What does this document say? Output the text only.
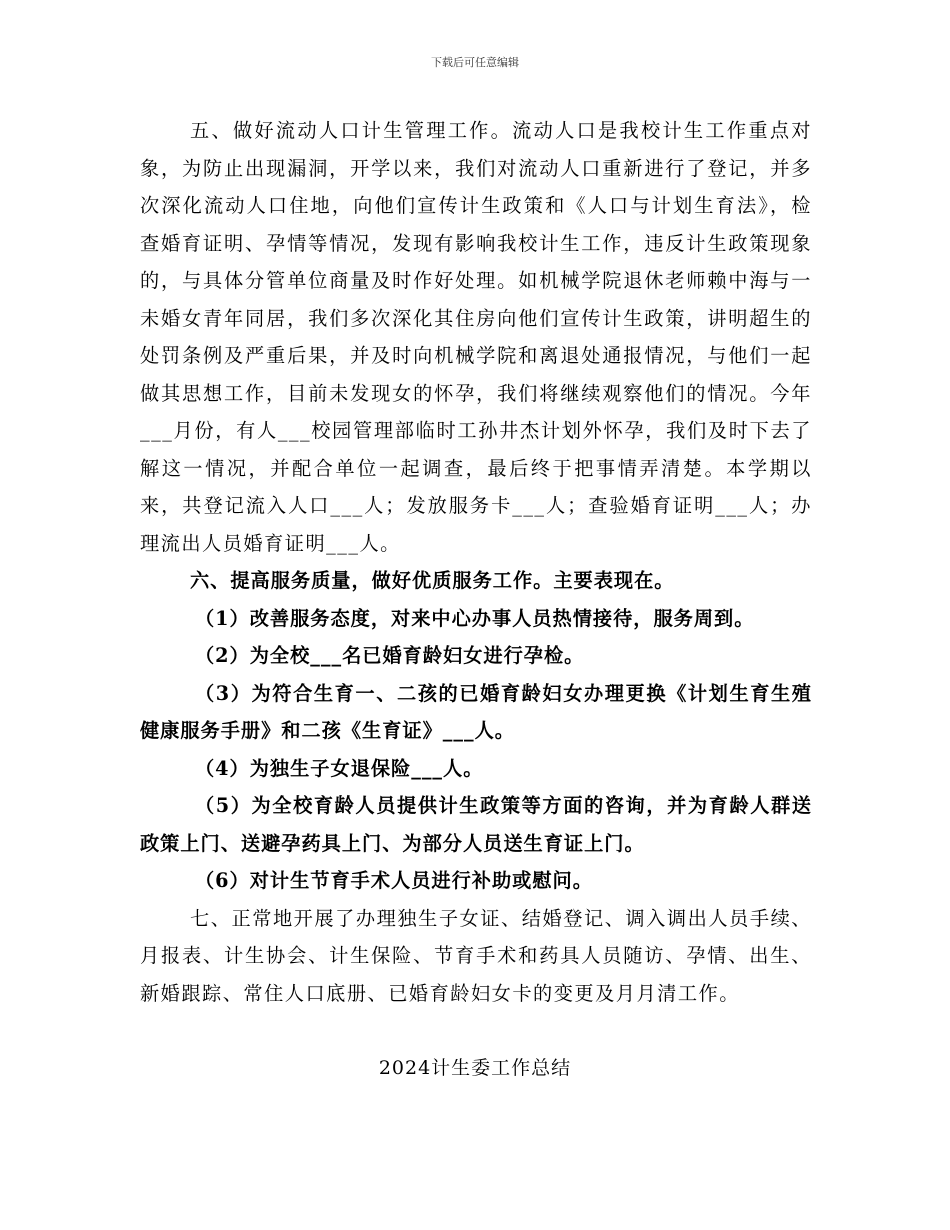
下载后可任意编辑

五、做好流动人口计生管理工作。流动人口是我校计生工作重点对象，为防止出现漏洞，开学以来，我们对流动人口重新进行了登记，并多次深化流动人口住地，向他们宣传计生政策和《人口与计划生育法》，检查婚育证明、孕情等情况，发现有影响我校计生工作，违反计生政策现象的，与具体分管单位商量及时作好处理。如机械学院退休老师赖中海与一未婚女青年同居，我们多次深化其住房向他们宣传计生政策，讲明超生的处罚条例及严重后果，并及时向机械学院和离退处通报情况，与他们一起做其思想工作，目前未发现女的怀孕，我们将继续观察他们的情况。今年___月份，有人___校园管理部临时工孙井杰计划外怀孕，我们及时下去了解这一情况，并配合单位一起调查，最后终于把事情弄清楚。本学期以来，共登记流入人口___人；发放服务卡___人；查验婚育证明___人；办理流出人员婚育证明___人。

六、提高服务质量，做好优质服务工作。主要表现在。

（1）改善服务态度，对来中心办事人员热情接待，服务周到。

（2）为全校___名已婚育龄妇女进行孕检。

（3）为符合生育一、二孩的已婚育龄妇女办理更换《计划生育生殖健康服务手册》和二孩《生育证》___人。

（4）为独生子女退保险___人。

（5）为全校育龄人员提供计生政策等方面的咨询，并为育龄人群送政策上门、送避孕药具上门、为部分人员送生育证上门。

（6）对计生节育手术人员进行补助或慰问。

七、正常地开展了办理独生子女证、结婚登记、调入调出人员手续、月报表、计生协会、计生保险、节育手术和药具人员随访、孕情、出生、新婚跟踪、常住人口底册、已婚育龄妇女卡的变更及月月清工作。

2024计生委工作总结
